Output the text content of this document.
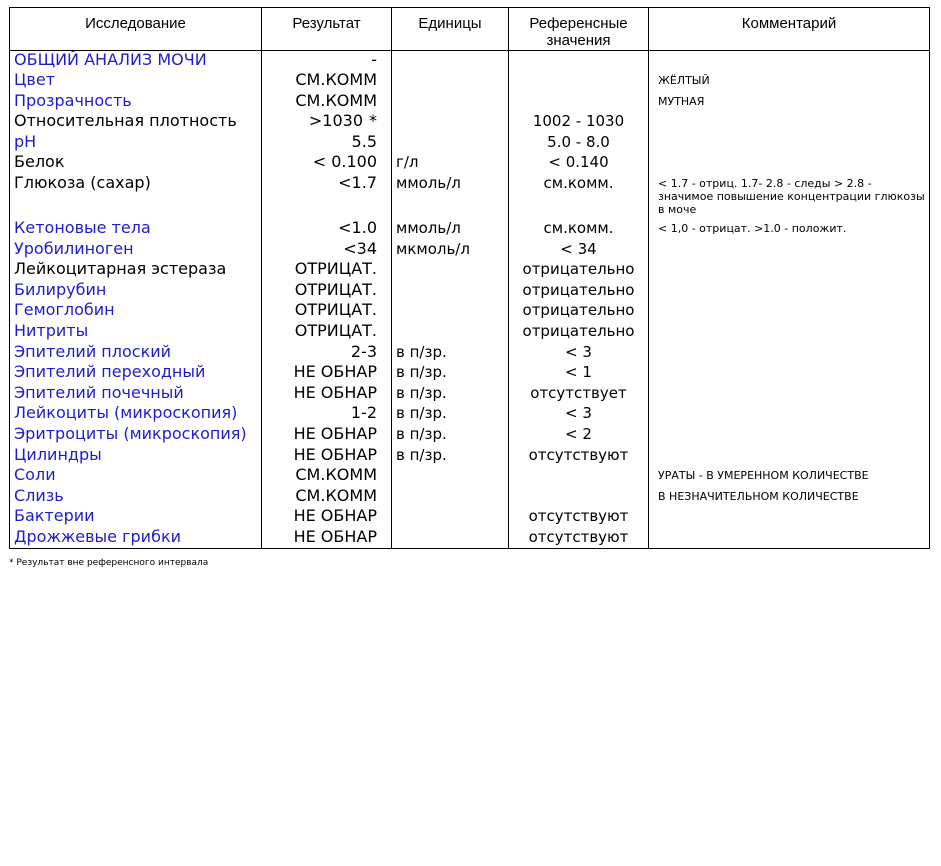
Исследование	Результат	Единицы	Референсные
значения	Комментарий
ОБЩИЙ АНАЛИЗ МОЧИ	-			
Цвет	СМ.КОММ			ЖЁЛТЫЙ
Прозрачность	СМ.КОММ			МУТНАЯ
Относительная плотность	>1030 *		1002 - 1030	
pH	5.5		5.0 - 8.0	
Белок	< 0.100	г/л	< 0.140	
Глюкоза (сахар)	<1.7	ммоль/л	см.комм.	< 1.7 - отриц. 1.7- 2.8 - следы > 2.8 - значимое повышение концентрации глюкозы в моче
Кетоновые тела	<1.0	ммоль/л	см.комм.	< 1,0 - отрицат. >1.0 - положит.
Уробилиноген	<34	мкмоль/л	< 34	
Лейкоцитарная эстераза	ОТРИЦАТ.		отрицательно	
Билирубин	ОТРИЦАТ.		отрицательно	
Гемоглобин	ОТРИЦАТ.		отрицательно	
Нитриты	ОТРИЦАТ.		отрицательно	
Эпителий плоский	2-3	в п/зр.	< 3	
Эпителий переходный	НЕ ОБНАР	в п/зр.	< 1	
Эпителий почечный	НЕ ОБНАР	в п/зр.	отсутствует	
Лейкоциты (микроскопия)	1-2	в п/зр.	< 3	
Эритроциты (микроскопия)	НЕ ОБНАР	в п/зр.	< 2	
Цилиндры	НЕ ОБНАР	в п/зр.	отсутствуют	
Соли	СМ.КОММ			УРАТЫ - В УМЕРЕННОМ КОЛИЧЕСТВЕ
Слизь	СМ.КОММ			В НЕЗНАЧИТЕЛЬНОМ КОЛИЧЕСТВЕ
Бактерии	НЕ ОБНАР		отсутствуют	
Дрожжевые грибки	НЕ ОБНАР		отсутствуют	
* Результат вне референсного интервала
